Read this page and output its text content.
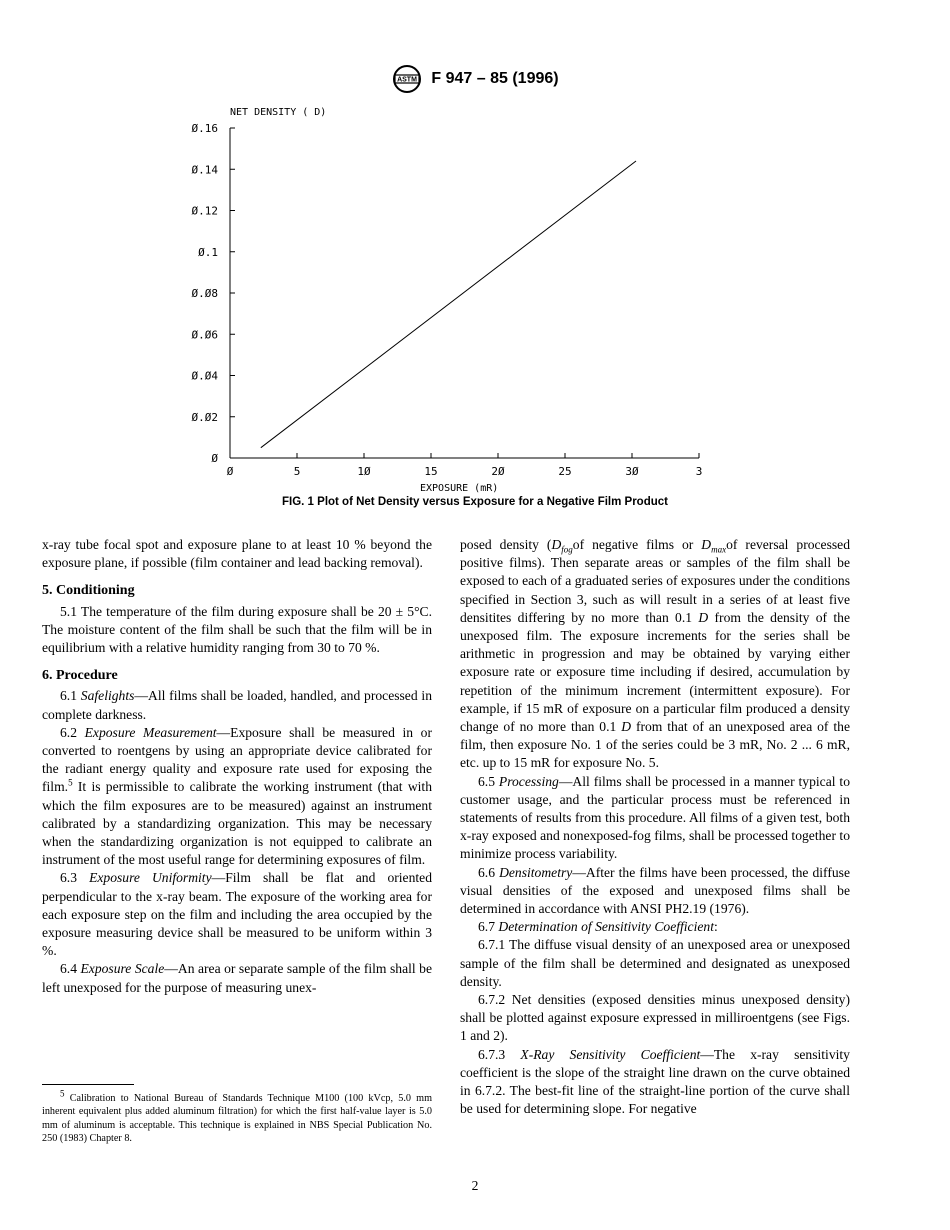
ASTM F 947 – 85 (1996)
NET DENSITY ( D)
Ø
Ø.Ø2
Ø.Ø4
Ø.Ø6
Ø.Ø8
Ø.1
Ø.12
Ø.14
Ø.16
Ø	5	1Ø	15	2Ø	25	3Ø	3
EXPOSURE (mR)
FIG. 1 Plot of Net Density versus Exposure for a Negative Film Product

x-ray tube focal spot and exposure plane to at least 10 % beyond the exposure plane, if possible (film container and lead backing removal).

5. Conditioning

5.1 The temperature of the film during exposure shall be 20 ± 5°C. The moisture content of the film shall be such that the film will be in equilibrium with a relative humidity ranging from 30 to 70 %.

6. Procedure

6.1 Safelights—All films shall be loaded, handled, and processed in complete darkness.

6.2 Exposure Measurement—Exposure shall be measured in or converted to roentgens by using an appropriate device calibrated for the radiant energy quality and exposure rate used for exposing the film.$^5$ It is permissible to calibrate the working instrument (that with which the film exposures are to be measured) against an instrument calibrated by a standardizing organization. This may be necessary when the standardizing organization is not equipped to calibrate an instrument of the most useful range for determining exposures of film.

6.3 Exposure Uniformity—Film shall be flat and oriented perpendicular to the x-ray beam. The exposure of the working area for each exposure step on the film and including the area occupied by the exposure measuring device shall be measured to be uniform within 3 %.

6.4 Exposure Scale—An area or separate sample of the film shall be left unexposed for the purpose of measuring unex-

posed density ($D_{fog}of$ negative films or $D_{max}of$ reversal processed positive films). Then separate areas or samples of the film shall be exposed to each of a graduated series of exposures under the conditions specified in Section 3, such as will result in a series of at least five densitites differing by no more than 0.1 D from the density of the unexposed film. The exposure increments for the series shall be arithmetic in progression and may be obtained by varying either exposure rate or exposure time including if desired, accumulation by repetition of the minimum increment (intermittent exposure). For example, if 15 mR of exposure on a particular film produced a density change of no more than 0.1 D from that of an unexposed area of the film, then exposure No. 1 of the series could be 3 mR, No. 2 ... 6 mR, etc. up to 15 mR for exposure No. 5.

6.5 Processing—All films shall be processed in a manner typical to customer usage, and the particular process must be referenced in statements of results from this procedure. All films of a given test, both x-ray exposed and nonexposed-fog films, shall be processed together to minimize process variability.

6.6 Densitometry—After the films have been processed, the diffuse visual densities of the exposed and unexposed films shall be determined in accordance with ANSI PH2.19 (1976).

6.7 Determination of Sensitivity Coefficient:

6.7.1 The diffuse visual density of an unexposed area or unexposed sample of the film shall be determined and designated as unexposed density.

6.7.2 Net densities (exposed densities minus unexposed density) shall be plotted against exposure expressed in milliroentgens (see Figs. 1 and 2).

6.7.3 X-Ray Sensitivity Coefficient—The x-ray sensitivity coefficient is the slope of the straight line drawn on the curve obtained in 6.7.2. The best-fit line of the straight-line portion of the curve shall be used for determining slope. For negative

$^5$ Calibration to National Bureau of Standards Technique M100 (100 kVcp, 5.0 mm inherent equivalent plus added aluminum filtration) for which the first half-value layer is 5.0 mm of aluminum is acceptable. This technique is explained in NBS Special Publication No. 250 (1983) Chapter 8.
2
